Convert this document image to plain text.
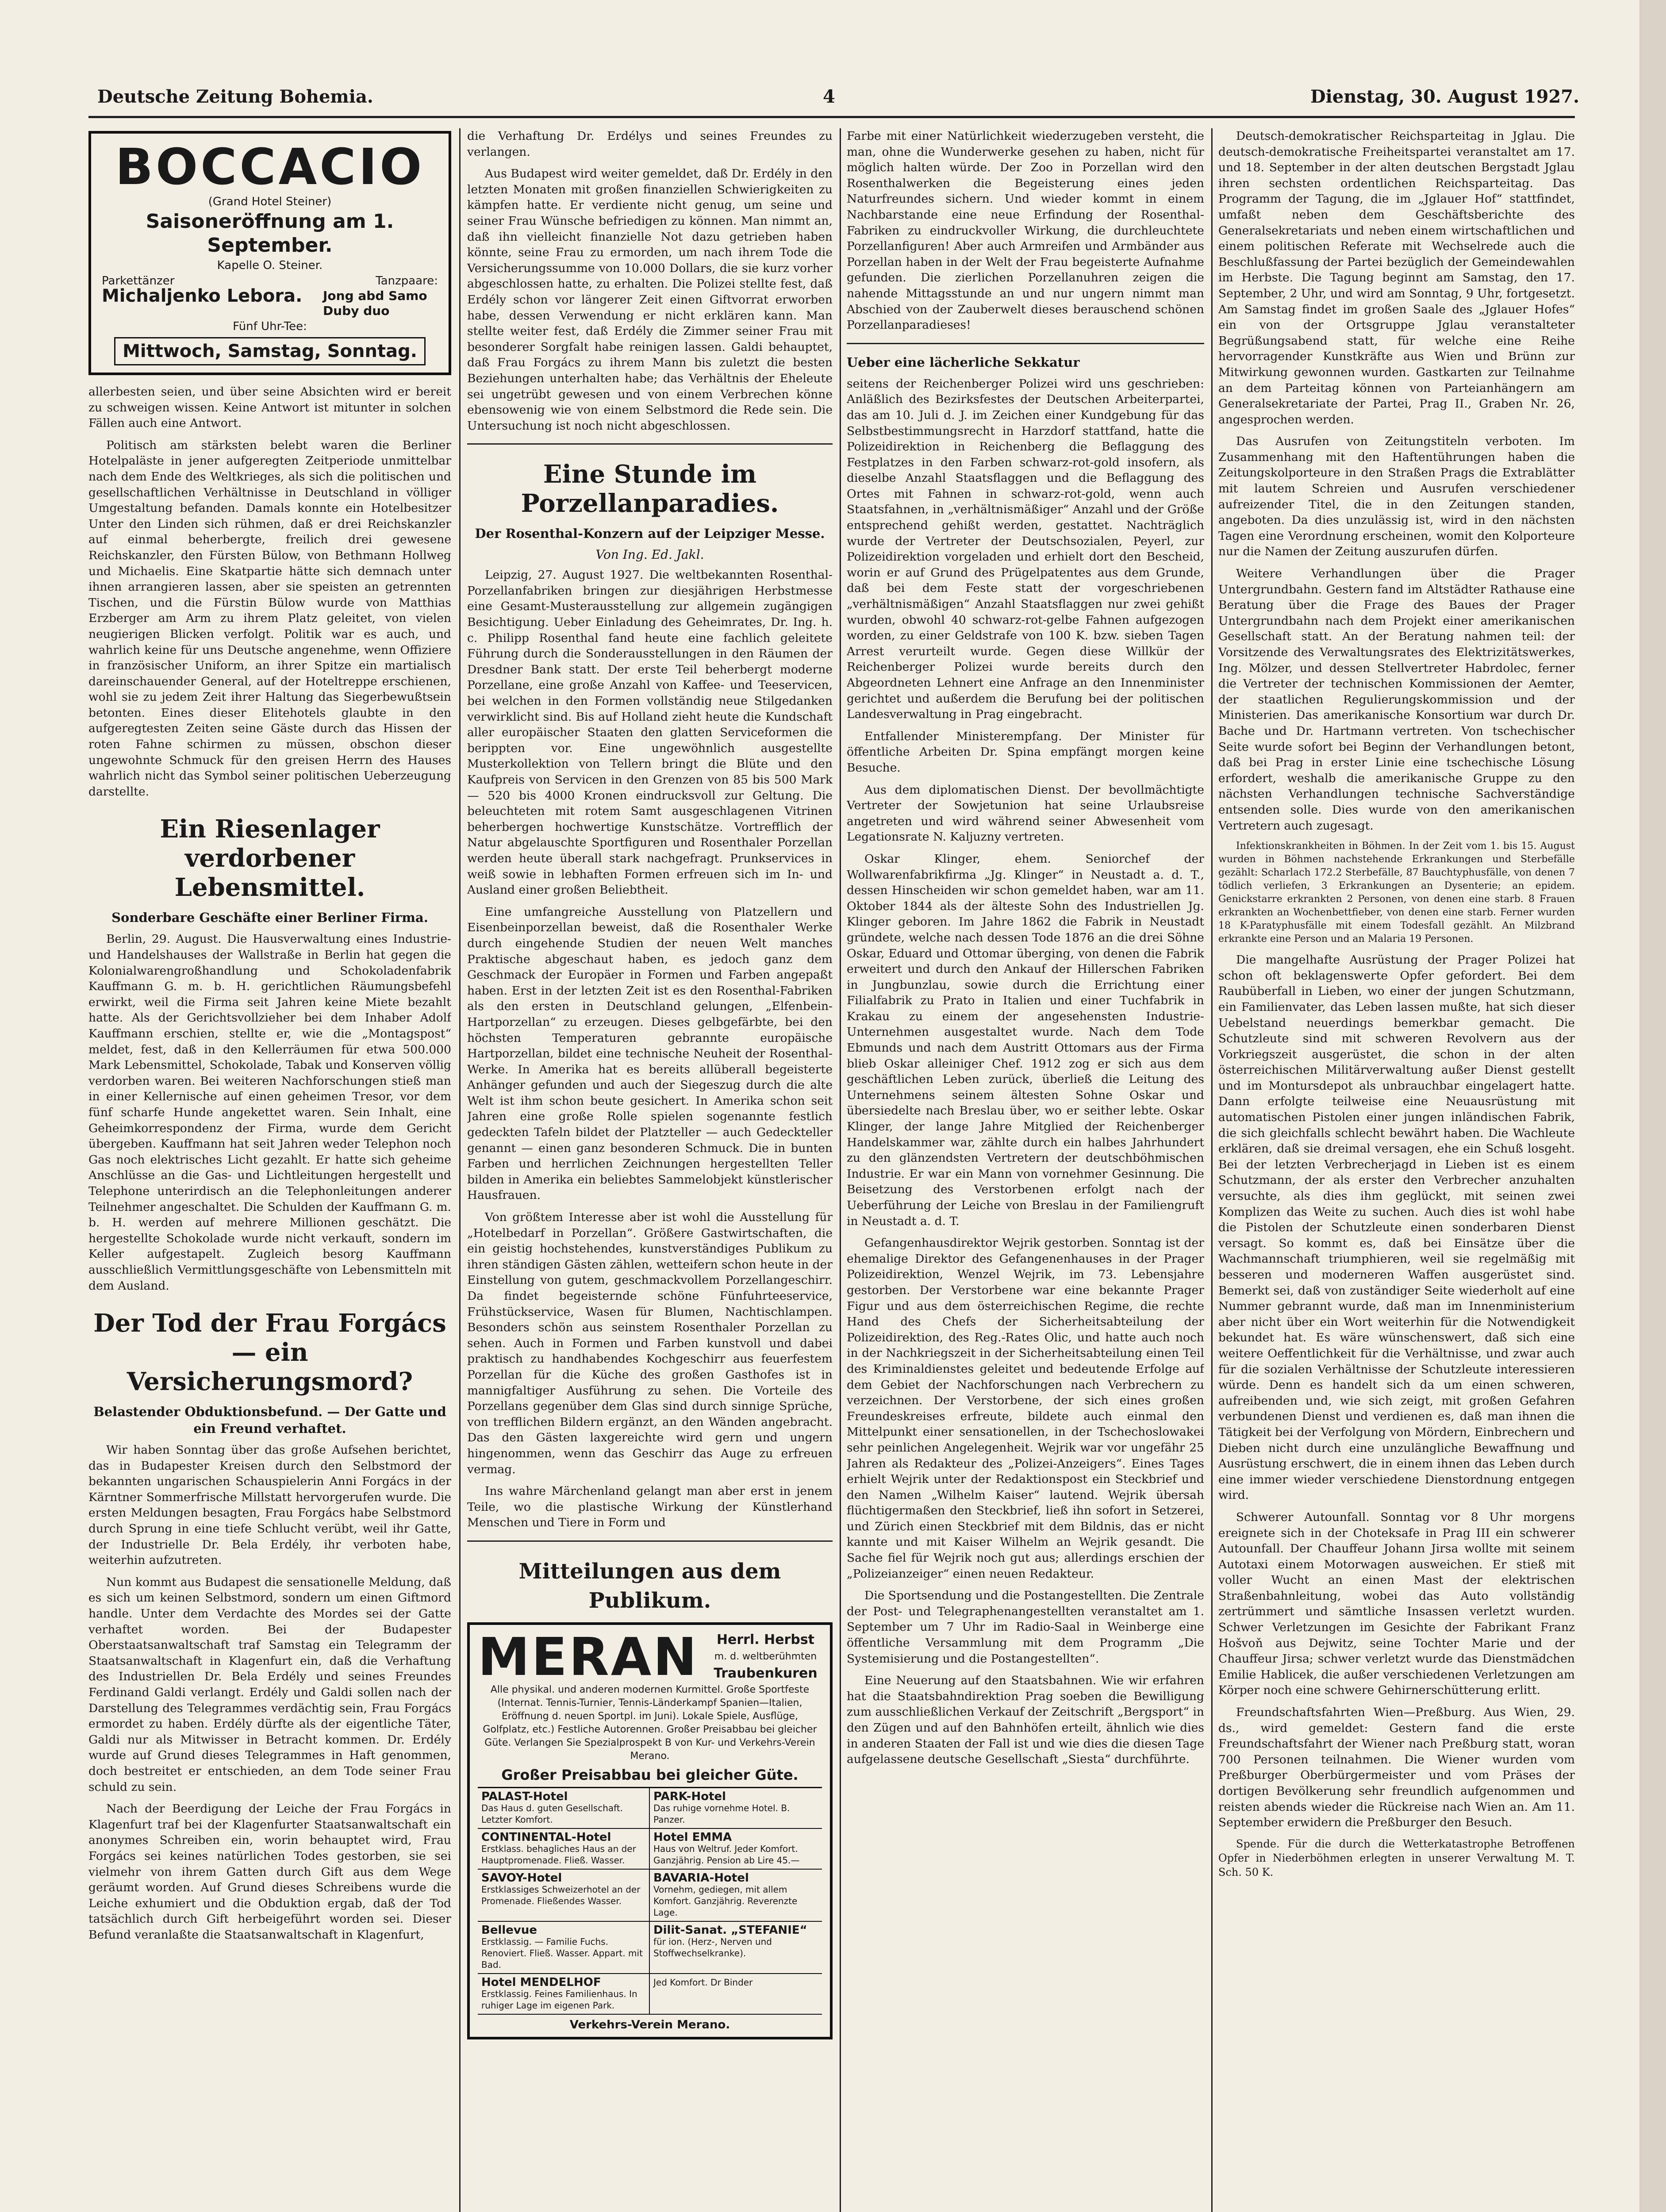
Deutsche Zeitung Bohemia.	4	Dienstag, 30. August 1927.
BOCCACIO
(Grand Hotel Steiner)
Saisoneröffnung am 1. September.
Kapelle O. Steiner.
Parkettänzer	Tanzpaare:
Michaljenko Lebora. Jong abd Samo Duby duo
Fünf Uhr-Tee:
Mittwoch, Samstag, Sonntag.

allerbesten seien, und über seine Absichten wird er bereit zu schweigen wissen. Keine Antwort ist mitunter in solchen Fällen auch eine Antwort.

Politisch am stärksten belebt waren die Berliner Hotelpaläste in jener aufgeregten Zeitperiode unmittelbar nach dem Ende des Weltkrieges, als sich die politischen und gesellschaftlichen Verhältnisse in Deutschland in völliger Umgestaltung befanden. Damals konnte ein Hotelbesitzer Unter den Linden sich rühmen, daß er drei Reichskanzler auf einmal beherbergte, freilich drei gewesene Reichskanzler, den Fürsten Bülow, von Bethmann Hollweg und Michaelis. Eine Skatpartie hätte sich demnach unter ihnen arrangieren lassen, aber sie speisten an getrennten Tischen, und die Fürstin Bülow wurde von Matthias Erzberger am Arm zu ihrem Platz geleitet, von vielen neugierigen Blicken verfolgt. Politik war es auch, und wahrlich keine für uns Deutsche angenehme, wenn Offiziere in französischer Uniform, an ihrer Spitze ein martialisch dareinschauender General, auf der Hoteltreppe erschienen, wohl sie zu jedem Zeit ihrer Haltung das Siegerbewußtsein betonten. Eines dieser Elitehotels glaubte in den aufgeregtesten Zeiten seine Gäste durch das Hissen der roten Fahne schirmen zu müssen, obschon dieser ungewohnte Schmuck für den greisen Herrn des Hauses wahrlich nicht das Symbol seiner politischen Ueberzeugung darstellte.

Ein Riesenlager verdorbener Lebensmittel.
Sonderbare Geschäfte einer Berliner Firma.

Berlin, 29. August. Die Hausverwaltung eines Industrie- und Handelshauses der Wallstraße in Berlin hat gegen die Kolonialwarengroßhandlung und Schokoladenfabrik Kauffmann G. m. b. H. gerichtlichen Räumungsbefehl erwirkt, weil die Firma seit Jahren keine Miete bezahlt hatte. Als der Gerichtsvollzieher bei dem Inhaber Adolf Kauffmann erschien, stellte er, wie die „Montagspost“ meldet, fest, daß in den Kellerräumen für etwa 500.000 Mark Lebensmittel, Schokolade, Tabak und Konserven völlig verdorben waren. Bei weiteren Nachforschungen stieß man in einer Kellernische auf einen geheimen Tresor, vor dem fünf scharfe Hunde angekettet waren. Sein Inhalt, eine Geheimkorrespondenz der Firma, wurde dem Gericht übergeben. Kauffmann hat seit Jahren weder Telephon noch Gas noch elektrisches Licht gezahlt. Er hatte sich geheime Anschlüsse an die Gas- und Lichtleitungen hergestellt und Telephone unterirdisch an die Telephonleitungen anderer Teilnehmer angeschaltet. Die Schulden der Kauffmann G. m. b. H. werden auf mehrere Millionen geschätzt. Die hergestellte Schokolade wurde nicht verkauft, sondern im Keller aufgestapelt. Zugleich besorg Kauffmann ausschließlich Vermittlungsgeschäfte von Lebensmitteln mit dem Ausland.

Der Tod der Frau Forgács — ein Versicherungsmord?
Belastender Obduktionsbefund. — Der Gatte und ein Freund verhaftet.

Wir haben Sonntag über das große Aufsehen berichtet, das in Budapester Kreisen durch den Selbstmord der bekannten ungarischen Schauspielerin Anni Forgács in der Kärntner Sommerfrische Millstatt hervorgerufen wurde. Die ersten Meldungen besagten, Frau Forgács habe Selbstmord durch Sprung in eine tiefe Schlucht verübt, weil ihr Gatte, der Industrielle Dr. Bela Erdély, ihr verboten habe, weiterhin aufzutreten.

Nun kommt aus Budapest die sensationelle Meldung, daß es sich um keinen Selbstmord, sondern um einen Giftmord handle. Unter dem Verdachte des Mordes sei der Gatte verhaftet worden. Bei der Budapester Oberstaatsanwaltschaft traf Samstag ein Telegramm der Staatsanwaltschaft in Klagenfurt ein, daß die Verhaftung des Industriellen Dr. Bela Erdély und seines Freundes Ferdinand Galdi verlangt. Erdély und Galdi sollen nach der Darstellung des Telegrammes verdächtig sein, Frau Forgács ermordet zu haben. Erdély dürfte als der eigentliche Täter, Galdi nur als Mitwisser in Betracht kommen. Dr. Erdély wurde auf Grund dieses Telegrammes in Haft genommen, doch bestreitet er entschieden, an dem Tode seiner Frau schuld zu sein.

Nach der Beerdigung der Leiche der Frau Forgács in Klagenfurt traf bei der Klagenfurter Staatsanwaltschaft ein anonymes Schreiben ein, worin behauptet wird, Frau Forgács sei keines natürlichen Todes gestorben, sie sei vielmehr von ihrem Gatten durch Gift aus dem Wege geräumt worden. Auf Grund dieses Schreibens wurde die Leiche exhumiert und die Obduktion ergab, daß der Tod tatsächlich durch Gift herbeigeführt worden sei. Dieser Befund veranlaßte die Staatsanwaltschaft in Klagenfurt,

die Verhaftung Dr. Erdélys und seines Freundes zu verlangen.

Aus Budapest wird weiter gemeldet, daß Dr. Erdély in den letzten Monaten mit großen finanziellen Schwierigkeiten zu kämpfen hatte. Er verdiente nicht genug, um seine und seiner Frau Wünsche befriedigen zu können. Man nimmt an, daß ihn vielleicht finanzielle Not dazu getrieben haben könnte, seine Frau zu ermorden, um nach ihrem Tode die Versicherungssumme von 10.000 Dollars, die sie kurz vorher abgeschlossen hatte, zu erhalten. Die Polizei stellte fest, daß Erdély schon vor längerer Zeit einen Giftvorrat erworben habe, dessen Verwendung er nicht erklären kann. Man stellte weiter fest, daß Erdély die Zimmer seiner Frau mit besonderer Sorgfalt habe reinigen lassen. Galdi behauptet, daß Frau Forgács zu ihrem Mann bis zuletzt die besten Beziehungen unterhalten habe; das Verhältnis der Eheleute sei ungetrübt gewesen und von einem Verbrechen könne ebensowenig wie von einem Selbstmord die Rede sein. Die Untersuchung ist noch nicht abgeschlossen.

Eine Stunde im Porzellanparadies.
Der Rosenthal-Konzern auf der Leipziger Messe.
Von Ing. Ed. Jakl.

Leipzig, 27. August 1927. Die weltbekannten Rosenthal-Porzellanfabriken bringen zur diesjährigen Herbstmesse eine Gesamt-Musterausstellung zur allgemein zugängigen Besichtigung. Ueber Einladung des Geheimrates, Dr. Ing. h. c. Philipp Rosenthal fand heute eine fachlich geleitete Führung durch die Sonderausstellungen in den Räumen der Dresdner Bank statt. Der erste Teil beherbergt moderne Porzellane, eine große Anzahl von Kaffee- und Teeservicen, bei welchen in den Formen vollständig neue Stilgedanken verwirklicht sind. Bis auf Holland zieht heute die Kundschaft aller europäischer Staaten den glatten Serviceformen die berippten vor. Eine ungewöhnlich ausgestellte Musterkollektion von Tellern bringt die Blüte und den Kaufpreis von Servicen in den Grenzen von 85 bis 500 Mark — 520 bis 4000 Kronen eindrucksvoll zur Geltung. Die beleuchteten mit rotem Samt ausgeschlagenen Vitrinen beherbergen hochwertige Kunstschätze. Vortrefflich der Natur abgelauschte Sportfiguren und Rosenthaler Porzellan werden heute überall stark nachgefragt. Prunkservices in weiß sowie in lebhaften Formen erfreuen sich im In- und Ausland einer großen Beliebtheit.

Eine umfangreiche Ausstellung von Platzellern und Eisenbeinporzellan beweist, daß die Rosenthaler Werke durch eingehende Studien der neuen Welt manches Praktische abgeschaut haben, es jedoch ganz dem Geschmack der Europäer in Formen und Farben angepaßt haben. Erst in der letzten Zeit ist es den Rosenthal-Fabriken als den ersten in Deutschland gelungen, „Elfenbein-Hartporzellan“ zu erzeugen. Dieses gelbgefärbte, bei den höchsten Temperaturen gebrannte europäische Hartporzellan, bildet eine technische Neuheit der Rosenthal-Werke. In Amerika hat es bereits allüberall begeisterte Anhänger gefunden und auch der Siegeszug durch die alte Welt ist ihm schon beute gesichert. In Amerika schon seit Jahren eine große Rolle spielen sogenannte festlich gedeckten Tafeln bildet der Platzteller — auch Gedeckteller genannt — einen ganz besonderen Schmuck. Die in bunten Farben und herrlichen Zeichnungen hergestellten Teller bilden in Amerika ein beliebtes Sammelobjekt künstlerischer Hausfrauen.

Von größtem Interesse aber ist wohl die Ausstellung für „Hotelbedarf in Porzellan“. Größere Gastwirtschaften, die ein geistig hochstehendes, kunstverständiges Publikum zu ihren ständigen Gästen zählen, wetteifern schon heute in der Einstellung von gutem, geschmackvollem Porzellangeschirr. Da findet begeisternde schöne Fünfuhrteeservice, Frühstückservice, Wasen für Blumen, Nachtischlampen. Besonders schön aus seinstem Rosenthaler Porzellan zu sehen. Auch in Formen und Farben kunstvoll und dabei praktisch zu handhabendes Kochgeschirr aus feuerfestem Porzellan für die Küche des großen Gasthofes ist in mannigfaltiger Ausführung zu sehen. Die Vorteile des Porzellans gegenüber dem Glas sind durch sinnige Sprüche, von trefflichen Bildern ergänzt, an den Wänden angebracht. Das den Gästen laxgereichte wird gern und ungern hingenommen, wenn das Geschirr das Auge zu erfreuen vermag.

Ins wahre Märchenland gelangt man aber erst in jenem Teile, wo die plastische Wirkung der Künstlerhand Menschen und Tiere in Form und

Mitteilungen aus dem Publikum.
MERAN	Herrl. Herbst
m. d. weltberühmten
Traubenkuren
Alle physikal. und anderen modernen Kurmittel. Große Sportfeste (Internat. Tennis-Turnier, Tennis-Länderkampf Spanien—Italien, Eröffnung d. neuen Sportpl. im Juni). Lokale Spiele, Ausflüge, Golfplatz, etc.) Festliche Autorennen. Großer Preisabbau bei gleicher Güte. Verlangen Sie Spezialprospekt B von Kur- und Verkehrs-Verein Merano.
Großer Preisabbau bei gleicher Güte.
PALAST-Hotel
Das Haus d. guten Gesellschaft. Letzter Komfort.
PARK-Hotel
Das ruhige vornehme Hotel. B. Panzer.
CONTINENTAL-Hotel
Erstklass. behagliches Haus an der Hauptpromenade. Fließ. Wasser.
Hotel EMMA
Haus von Weltruf. Jeder Komfort. Ganzjährig. Pension ab Lire 45.—
SAVOY-Hotel
Erstklassiges Schweizerhotel an der Promenade. Fließendes Wasser.
BAVARIA-Hotel
Vornehm, gediegen, mit allem Komfort. Ganzjährig. Reverenzte Lage.
Bellevue
Erstklassig. — Familie Fuchs. Renoviert. Fließ. Wasser. Appart. mit Bad.
Dilit-Sanat. „STEFANIE“
für ion. (Herz-, Nerven und Stoffwechselkranke).
Hotel MENDELHOF
Erstklassig. Feines Familienhaus. In ruhiger Lage im eigenen Park.
Jed Komfort. Dr Binder
Verkehrs-Verein Merano.

Farbe mit einer Natürlichkeit wiederzugeben versteht, die man, ohne die Wunderwerke gesehen zu haben, nicht für möglich halten würde. Der Zoo in Porzellan wird den Rosenthalwerken die Begeisterung eines jeden Naturfreundes sichern. Und wieder kommt in einem Nachbarstande eine neue Erfindung der Rosenthal-Fabriken zu eindruckvoller Wirkung, die durchleuchtete Porzellanfiguren! Aber auch Armreifen und Armbänder aus Porzellan haben in der Welt der Frau begeisterte Aufnahme gefunden. Die zierlichen Porzellanuhren zeigen die nahende Mittagsstunde an und nur ungern nimmt man Abschied von der Zauberwelt dieses berauschend schönen Porzellanparadieses!

Ueber eine lächerliche Sekkatur

seitens der Reichenberger Polizei wird uns geschrieben: Anläßlich des Bezirksfestes der Deutschen Arbeiterpartei, das am 10. Juli d. J. im Zeichen einer Kundgebung für das Selbstbestimmungsrecht in Harzdorf stattfand, hatte die Polizeidirektion in Reichenberg die Beflaggung des Festplatzes in den Farben schwarz-rot-gold insofern, als dieselbe Anzahl Staatsflaggen und die Beflaggung des Ortes mit Fahnen in schwarz-rot-gold, wenn auch Staatsfahnen, in „verhältnismäßiger“ Anzahl und der Größe entsprechend gehißt werden, gestattet. Nachträglich wurde der Vertreter der Deutschsozialen, Peyerl, zur Polizeidirektion vorgeladen und erhielt dort den Bescheid, worin er auf Grund des Prügelpatentes aus dem Grunde, daß bei dem Feste statt der vorgeschriebenen „verhältnismäßigen“ Anzahl Staatsflaggen nur zwei gehißt wurden, obwohl 40 schwarz-rot-gelbe Fahnen aufgezogen worden, zu einer Geldstrafe von 100 K. bzw. sieben Tagen Arrest verurteilt wurde. Gegen diese Willkür der Reichenberger Polizei wurde bereits durch den Abgeordneten Lehnert eine Anfrage an den Innenminister gerichtet und außerdem die Berufung bei der politischen Landesverwaltung in Prag eingebracht.

Entfallender Ministerempfang. Der Minister für öffentliche Arbeiten Dr. Spina empfängt morgen keine Besuche.

Aus dem diplomatischen Dienst. Der bevollmächtigte Vertreter der Sowjetunion hat seine Urlaubsreise angetreten und wird während seiner Abwesenheit vom Legationsrate N. Kaljuzny vertreten.

Oskar Klinger, ehem. Seniorchef der Wollwarenfabrikfirma „Jg. Klinger“ in Neustadt a. d. T., dessen Hinscheiden wir schon gemeldet haben, war am 11. Oktober 1844 als der älteste Sohn des Industriellen Jg. Klinger geboren. Im Jahre 1862 die Fabrik in Neustadt gründete, welche nach dessen Tode 1876 an die drei Söhne Oskar, Eduard und Ottomar überging, von denen die Fabrik erweitert und durch den Ankauf der Hillerschen Fabriken in Jungbunzlau, sowie durch die Errichtung einer Filialfabrik zu Prato in Italien und einer Tuchfabrik in Krakau zu einem der angesehensten Industrie-Unternehmen ausgestaltet wurde. Nach dem Tode Ebmunds und nach dem Austritt Ottomars aus der Firma blieb Oskar alleiniger Chef. 1912 zog er sich aus dem geschäftlichen Leben zurück, überließ die Leitung des Unternehmens seinem ältesten Sohne Oskar und übersiedelte nach Breslau über, wo er seither lebte. Oskar Klinger, der lange Jahre Mitglied der Reichenberger Handelskammer war, zählte durch ein halbes Jahrhundert zu den glänzendsten Vertretern der deutschböhmischen Industrie. Er war ein Mann von vornehmer Gesinnung. Die Beisetzung des Verstorbenen erfolgt nach der Ueberführung der Leiche von Breslau in der Familiengruft in Neustadt a. d. T.

Gefangenhausdirektor Wejrik gestorben. Sonntag ist der ehemalige Direktor des Gefangenenhauses in der Prager Polizeidirektion, Wenzel Wejrik, im 73. Lebensjahre gestorben. Der Verstorbene war eine bekannte Prager Figur und aus dem österreichischen Regime, die rechte Hand des Chefs der Sicherheitsabteilung der Polizeidirektion, des Reg.-Rates Olic, und hatte auch noch in der Nachkriegszeit in der Sicherheitsabteilung einen Teil des Kriminaldienstes geleitet und bedeutende Erfolge auf dem Gebiet der Nachforschungen nach Verbrechern zu verzeichnen. Der Verstorbene, der sich eines großen Freundeskreises erfreute, bildete auch einmal den Mittelpunkt einer sensationellen, in der Tschechoslowakei sehr peinlichen Angelegenheit. Wejrik war vor ungefähr 25 Jahren als Redakteur des „Polizei-Anzeigers“. Eines Tages erhielt Wejrik unter der Redaktionspost ein Steckbrief und den Namen „Wilhelm Kaiser“ lautend. Wejrik übersah flüchtigermaßen den Steckbrief, ließ ihn sofort in Setzerei, und Zürich einen Steckbrief mit dem Bildnis, das er nicht kannte und mit Kaiser Wilhelm an Wejrik gesandt. Die Sache fiel für Wejrik noch gut aus; allerdings erschien der „Polizeianzeiger“ einen neuen Redakteur.

Die Sportsendung und die Postangestellten. Die Zentrale der Post- und Telegraphenangestellten veranstaltet am 1. September um 7 Uhr im Radio-Saal in Weinberge eine öffentliche Versammlung mit dem Programm „Die Systemisierung und die Postangestellten“.

Eine Neuerung auf den Staatsbahnen. Wie wir erfahren hat die Staatsbahndirektion Prag soeben die Bewilligung zum ausschließlichen Verkauf der Zeitschrift „Bergsport“ in den Zügen und auf den Bahnhöfen erteilt, ähnlich wie dies in anderen Staaten der Fall ist und wie dies die diesen Tage aufgelassene deutsche Gesellschaft „Siesta“ durchführte.

Deutsch-demokratischer Reichsparteitag in Jglau. Die deutsch-demokratische Freiheitspartei veranstaltet am 17. und 18. September in der alten deutschen Bergstadt Jglau ihren sechsten ordentlichen Reichsparteitag. Das Programm der Tagung, die im „Jglauer Hof“ stattfindet, umfaßt neben dem Geschäftsberichte des Generalsekretariats und neben einem wirtschaftlichen und einem politischen Referate mit Wechselrede auch die Beschlußfassung der Partei bezüglich der Gemeindewahlen im Herbste. Die Tagung beginnt am Samstag, den 17. September, 2 Uhr, und wird am Sonntag, 9 Uhr, fortgesetzt. Am Samstag findet im großen Saale des „Jglauer Hofes“ ein von der Ortsgruppe Jglau veranstalteter Begrüßungsabend statt, für welche eine Reihe hervorragender Kunstkräfte aus Wien und Brünn zur Mitwirkung gewonnen wurden. Gastkarten zur Teilnahme an dem Parteitag können von Parteianhängern am Generalsekretariate der Partei, Prag II., Graben Nr. 26, angesprochen werden.

Das Ausrufen von Zeitungstiteln verboten. Im Zusammenhang mit den Haftentührungen haben die Zeitungskolporteure in den Straßen Prags die Extrablätter mit lautem Schreien und Ausrufen verschiedener aufreizender Titel, die in den Zeitungen standen, angeboten. Da dies unzulässig ist, wird in den nächsten Tagen eine Verordnung erscheinen, womit den Kolporteure nur die Namen der Zeitung auszurufen dürfen.

Weitere Verhandlungen über die Prager Untergrundbahn. Gestern fand im Altstädter Rathause eine Beratung über die Frage des Baues der Prager Untergrundbahn nach dem Projekt einer amerikanischen Gesellschaft statt. An der Beratung nahmen teil: der Vorsitzende des Verwaltungsrates des Elektrizitätswerkes, Ing. Mölzer, und dessen Stellvertreter Habrdolec, ferner die Vertreter der technischen Kommissionen der Aemter, der staatlichen Regulierungskommission und der Ministerien. Das amerikanische Konsortium war durch Dr. Bache und Dr. Hartmann vertreten. Von tschechischer Seite wurde sofort bei Beginn der Verhandlungen betont, daß bei Prag in erster Linie eine tschechische Lösung erfordert, weshalb die amerikanische Gruppe zu den nächsten Verhandlungen technische Sachverständige entsenden solle. Dies wurde von den amerikanischen Vertretern auch zugesagt.

Infektionskrankheiten in Böhmen. In der Zeit vom 1. bis 15. August wurden in Böhmen nachstehende Erkrankungen und Sterbefälle gezählt: Scharlach 172.2 Sterbefälle, 87 Bauchtyphusfälle, von denen 7 tödlich verliefen, 3 Erkrankungen an Dysenterie; an epidem. Genickstarre erkrankten 2 Personen, von denen eine starb. 8 Frauen erkrankten an Wochenbettfieber, von denen eine starb. Ferner wurden 18 K-Paratyphusfälle mit einem Todesfall gezählt. An Milzbrand erkrankte eine Person und an Malaria 19 Personen.

Die mangelhafte Ausrüstung der Prager Polizei hat schon oft beklagenswerte Opfer gefordert. Bei dem Raubüberfall in Lieben, wo einer der jungen Schutzmann, ein Familienvater, das Leben lassen mußte, hat sich dieser Uebelstand neuerdings bemerkbar gemacht. Die Schutzleute sind mit schweren Revolvern aus der Vorkriegszeit ausgerüstet, die schon in der alten österreichischen Militärverwaltung außer Dienst gestellt und im Montursdepot als unbrauchbar eingelagert hatte. Dann erfolgte teilweise eine Neuausrüstung mit automatischen Pistolen einer jungen inländischen Fabrik, die sich gleichfalls schlecht bewährt haben. Die Wachleute erklären, daß sie dreimal versagen, ehe ein Schuß losgeht. Bei der letzten Verbrecherjagd in Lieben ist es einem Schutzmann, der als erster den Verbrecher anzuhalten versuchte, als dies ihm geglückt, mit seinen zwei Komplizen das Weite zu suchen. Auch dies ist wohl habe die Pistolen der Schutzleute einen sonderbaren Dienst versagt. So kommt es, daß bei Einsätze über die Wachmannschaft triumphieren, weil sie regelmäßig mit besseren und moderneren Waffen ausgerüstet sind. Bemerkt sei, daß von zuständiger Seite wiederholt auf eine Nummer gebrannt wurde, daß man im Innenministerium aber nicht über ein Wort weiterhin für die Notwendigkeit bekundet hat. Es wäre wünschenswert, daß sich eine weitere Oeffentlichkeit für die Verhältnisse, und zwar auch für die sozialen Verhältnisse der Schutzleute interessieren würde. Denn es handelt sich da um einen schweren, aufreibenden und, wie sich zeigt, mit großen Gefahren verbundenen Dienst und verdienen es, daß man ihnen die Tätigkeit bei der Verfolgung von Mördern, Einbrechern und Dieben nicht durch eine unzulängliche Bewaffnung und Ausrüstung erschwert, die in einem ihnen das Leben durch eine immer wieder verschiedene Dienstordnung entgegen wird.

Schwerer Autounfall. Sonntag vor 8 Uhr morgens ereignete sich in der Choteksafe in Prag III ein schwerer Autounfall. Der Chauffeur Johann Jirsa wollte mit seinem Autotaxi einem Motorwagen ausweichen. Er stieß mit voller Wucht an einen Mast der elektrischen Straßenbahnleitung, wobei das Auto vollständig zertrümmert und sämtliche Insassen verletzt wurden. Schwer Verletzungen im Gesichte der Fabrikant Franz Hošvoň aus Dejwitz, seine Tochter Marie und der Chauffeur Jirsa; schwer verletzt wurde das Dienstmädchen Emilie Hablicek, die außer verschiedenen Verletzungen am Körper noch eine schwere Gehirnerschütterung erlitt.

Freundschaftsfahrten Wien—Preßburg. Aus Wien, 29. ds., wird gemeldet: Gestern fand die erste Freundschaftsfahrt der Wiener nach Preßburg statt, woran 700 Personen teilnahmen. Die Wiener wurden vom Preßburger Oberbürgermeister und vom Präses der dortigen Bevölkerung sehr freundlich aufgenommen und reisten abends wieder die Rückreise nach Wien an. Am 11. September erwidern die Preßburger den Besuch.

Spende. Für die durch die Wetterkatastrophe Betroffenen Opfer in Niederböhmen erlegten in unserer Verwaltung M. T. Sch. 50 K.
